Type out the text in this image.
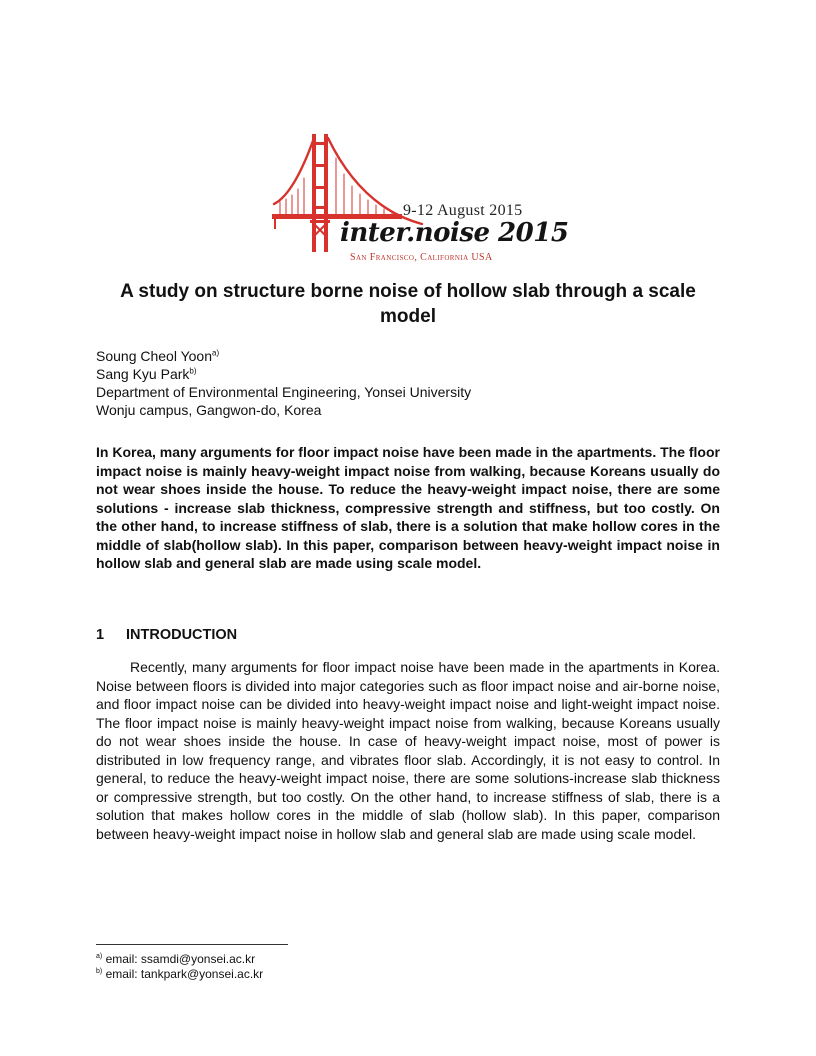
9-12 August 2015
inter.noise 2015
San Francisco, California USA
A study on structure borne noise of hollow slab through a scale model
Soung Cheol Yoon$^{a)}$
Sang Kyu Park$^{b)}$
Department of Environmental Engineering, Yonsei University
Wonju campus, Gangwon-do, Korea
In Korea, many arguments for floor impact noise have been made in the apartments. The floor impact noise is mainly heavy-weight impact noise from walking, because Koreans usually do not wear shoes inside the house. To reduce the heavy-weight impact noise, there are some solutions - increase slab thickness, compressive strength and stiffness, but too costly. On the other hand, to increase stiffness of slab, there is a solution that make hollow cores in the middle of slab(hollow slab). In this paper, comparison between heavy-weight impact noise in hollow slab and general slab are made using scale model.
1 INTRODUCTION
Recently, many arguments for floor impact noise have been made in the apartments in Korea. Noise between floors is divided into major categories such as floor impact noise and air-borne noise, and floor impact noise can be divided into heavy-weight impact noise and light-weight impact noise. The floor impact noise is mainly heavy-weight impact noise from walking, because Koreans usually do not wear shoes inside the house. In case of heavy-weight impact noise, most of power is distributed in low frequency range, and vibrates floor slab. Accordingly, it is not easy to control. In general, to reduce the heavy-weight impact noise, there are some solutions-increase slab thickness or compressive strength, but too costly. On the other hand, to increase stiffness of slab, there is a solution that makes hollow cores in the middle of slab (hollow slab). In this paper, comparison between heavy-weight impact noise in hollow slab and general slab are made using scale model.
$^{a)}$ email: ssamdi@yonsei.ac.kr
$^{b)}$ email: tankpark@yonsei.ac.kr
